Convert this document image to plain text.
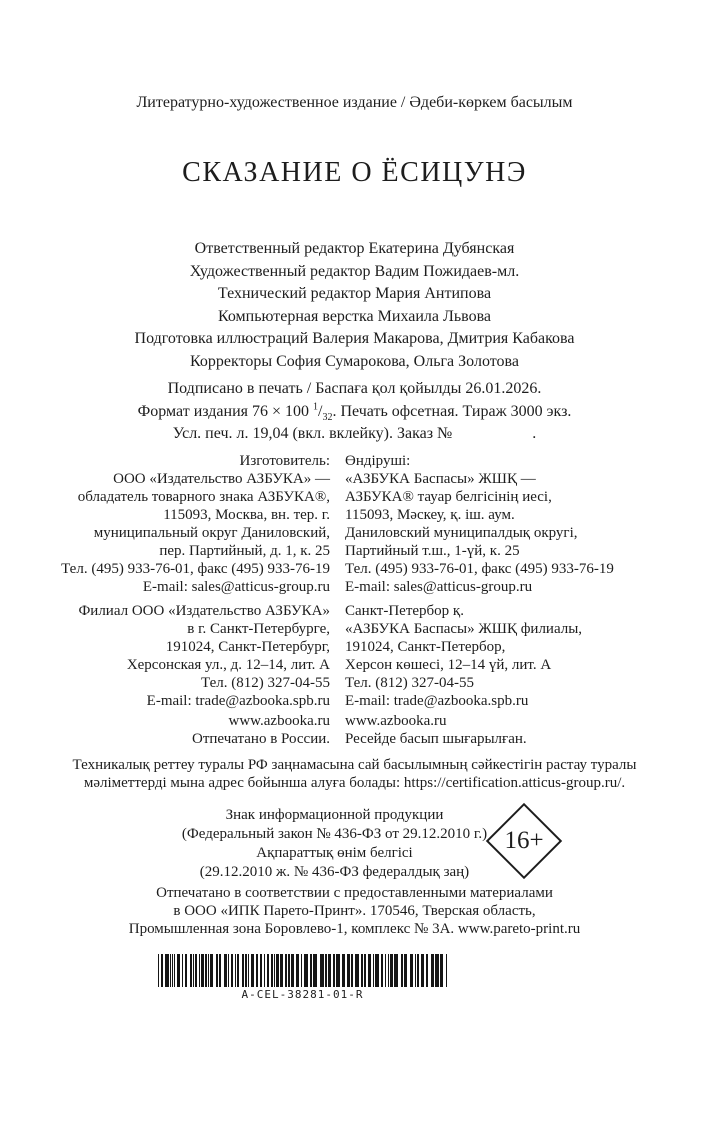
Литературно-художественное издание / Әдеби-көркем басылым
СКАЗАНИЕ О ЁСИЦУНЭ
Ответственный редактор Екатерина Дубянская
Художественный редактор Вадим Пожидаев-мл.
Технический редактор Мария Антипова
Компьютерная верстка Михаила Львова
Подготовка иллюстраций Валерия Макарова, Дмитрия Кабакова
Корректоры София Сумарокова, Ольга Золотова
Подписано в печать / Баспаға қол қойылды 26.01.2026.
Формат издания 76 × 100 $^1/_{32}$. Печать офсетная. Тираж 3000 экз.
Усл. печ. л. 19,04 (вкл. вклейку). Заказ №                    .
Изготовитель:
ООО «Издательство АЗБУКА» —
обладатель товарного знака АЗБУКА®,
115093, Москва, вн. тер. г.
муниципальный округ Даниловский,
пер. Партийный, д. 1, к. 25
Тел. (495) 933-76-01, факс (495) 933-76-19
E-mail: sales@atticus-group.ru
Филиал ООО «Издательство АЗБУКА»
в г. Санкт-Петербурге,
191024, Санкт-Петербург,
Херсонская ул., д. 12–14, лит. А
Тел. (812) 327-04-55
E-mail: trade@azbooka.spb.ru
www.azbooka.ru
Отпечатано в России.
Өндіруші:
«АЗБУКА Баспасы» ЖШҚ —
АЗБУКА® тауар белгісінің иесі,
115093, Мәскеу, қ. іш. аум.
Даниловский муниципалдық округі,
Партийный т.ш., 1-үй, к. 25
Тел. (495) 933-76-01, факс (495) 933-76-19
E-mail: sales@atticus-group.ru
Санкт-Петербор қ.
«АЗБУКА Баспасы» ЖШҚ филиалы,
191024, Санкт-Петербор,
Херсон көшесі, 12–14 үй, лит. А
Тел. (812) 327-04-55
E-mail: trade@azbooka.spb.ru
www.azbooka.ru
Ресейде басып шығарылған.
Техникалық реттеу туралы РФ заңнамасына сай басылымның сәйкестігін растау туралы
мәліметтерді мына адрес бойынша алуға болады: https://certification.atticus-group.ru/.
Знак информационной продукции
(Федеральный закон № 436-ФЗ от 29.12.2010 г.)
Ақпараттық өнім белгісі
(29.12.2010 ж. № 436-ФЗ федералдық заң)
16+
Отпечатано в соответствии с предоставленными материалами
в ООО «ИПК Парето-Принт». 170546, Тверская область,
Промышленная зона Боровлево-1, комплекс № 3А. www.pareto-print.ru
A-CEL-38281-01-R
